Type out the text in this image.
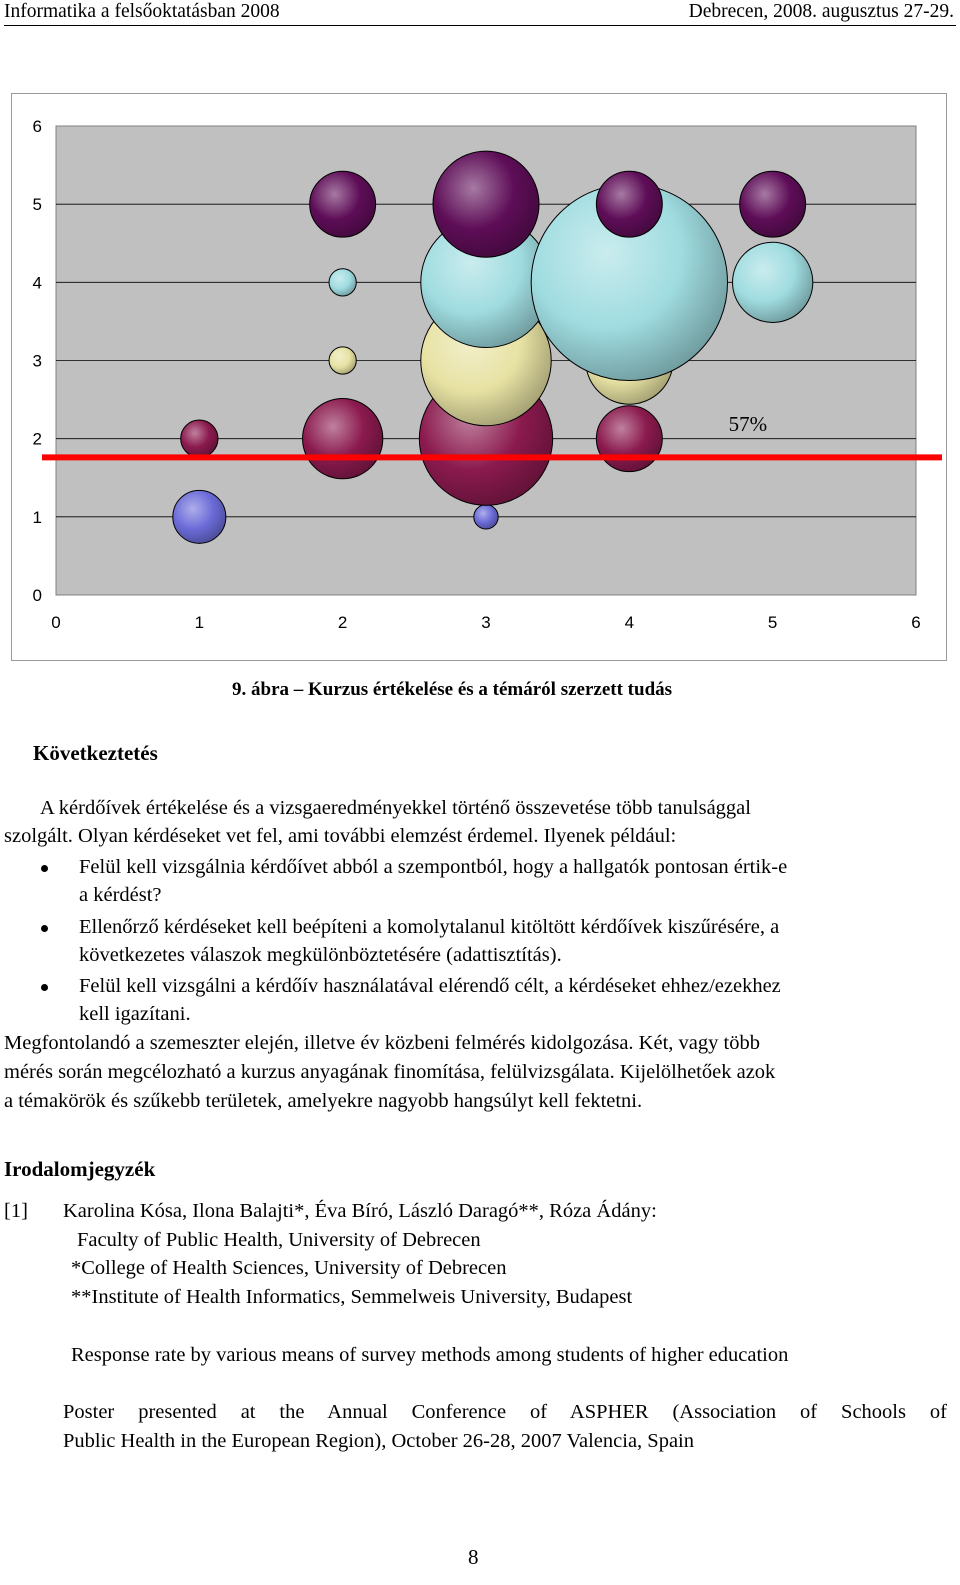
Informatika a felsőoktatásban 2008	Debrecen, 2008. augusztus 27-29.
0
1
2
3
4
5
6
0	1	2	3	4	5	6
57%
9. ábra – Kurzus értékelése és a témáról szerzett tudás
Következtetés
A kérdőívek értékelése és a vizsgaeredményekkel történő összevetése több tanulsággal
szolgált. Olyan kérdéseket vet fel, ami további elemzést érdemel. Ilyenek például:
Felül kell vizsgálnia kérdőívet abból a szempontból, hogy a hallgatók pontosan értik-e
a kérdést?
Ellenőrző kérdéseket kell beépíteni a komolytalanul kitöltött kérdőívek kiszűrésére, a
következetes válaszok megkülönböztetésére (adattisztítás).
Felül kell vizsgálni a kérdőív használatával elérendő célt, a kérdéseket ehhez/ezekhez
kell igazítani.
Megfontolandó a szemeszter elején, illetve év közbeni felmérés kidolgozása. Két, vagy több
mérés során megcélozható a kurzus anyagának finomítása, felülvizsgálata. Kijelölhetőek azok
a témakörök és szűkebb területek, amelyekre nagyobb hangsúlyt kell fektetni.
Irodalomjegyzék
[1] Karolina Kósa, Ilona Balajti*, Éva Bíró, László Daragó**, Róza Ádány:
Faculty of Public Health, University of Debrecen
*College of Health Sciences, University of Debrecen
**Institute of Health Informatics, Semmelweis University, Budapest
Response rate by various means of survey methods among students of higher education
Poster presented at the Annual Conference of ASPHER (Association of Schools of
Public Health in the European Region), October 26-28, 2007 Valencia, Spain
8
